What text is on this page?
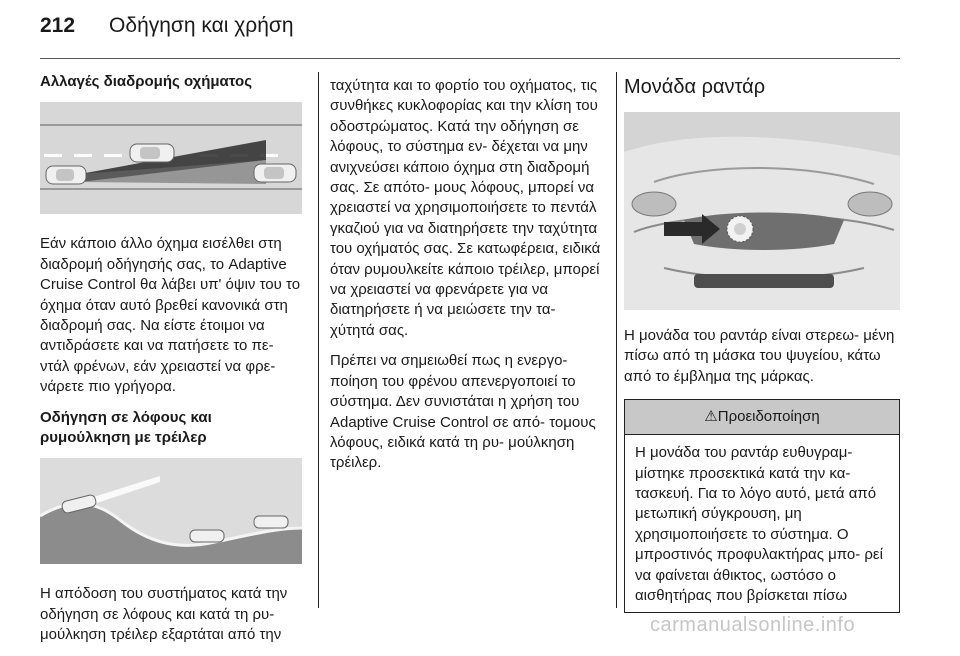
212 Οδήγηση και χρήση
Αλλαγές διαδρομής οχήματος

Εάν κάποιο άλλο όχημα εισέλθει στη διαδρομή οδήγησής σας, το Adaptive Cruise Control θα λάβει υπ' όψιν του το όχημα όταν αυτό βρεθεί κανονικά στη διαδρομή σας. Να είστε έτοιμοι να αντιδράσετε και να πατήσετε το πε‐ ντάλ φρένων, εάν χρειαστεί να φρε‐ νάρετε πιο γρήγορα.

Οδήγηση σε λόφους και ρυμούλκηση με τρέιλερ

Η απόδοση του συστήματος κατά την οδήγηση σε λόφους και κατά τη ρυ‐ μούλκηση τρέιλερ εξαρτάται από την

ταχύτητα και το φορτίο του οχήματος, τις συνθήκες κυκλοφορίας και την κλίση του οδοστρώματος. Κατά την οδήγηση σε λόφους, το σύστημα εν‐ δέχεται να μην ανιχνεύσει κάποιο όχημα στη διαδρομή σας. Σε απότο‐ μους λόφους, μπορεί να χρειαστεί να χρησιμοποιήσετε το πεντάλ γκαζιού για να διατηρήσετε την ταχύτητα του οχήματός σας. Σε κατωφέρεια, ειδικά όταν ρυμουλκείτε κάποιο τρέιλερ, μπορεί να χρειαστεί να φρενάρετε για να διατηρήσετε ή να μειώσετε την τα‐ χύτητά σας.

Πρέπει να σημειωθεί πως η ενεργο‐ ποίηση του φρένου απενεργοποιεί το σύστημα. Δεν συνιστάται η χρήση του Adaptive Cruise Control σε από‐ τομους λόφους, ειδικά κατά τη ρυ‐ μούλκηση τρέιλερ.

Μονάδα ραντάρ

Η μονάδα του ραντάρ είναι στερεω‐ μένη πίσω από τη μάσκα του ψυγείου, κάτω από το έμβλημα της μάρκας.

⚠Προειδοποίηση
Η μονάδα του ραντάρ ευθυγραμ‐ μίστηκε προσεκτικά κατά την κα‐ τασκευή. Για το λόγο αυτό, μετά από μετωπική σύγκρουση, μη χρησιμοποιήσετε το σύστημα. Ο μπροστινός προφυλακτήρας μπο‐ ρεί να φαίνεται άθικτος, ωστόσο ο αισθητήρας που βρίσκεται πίσω
carmanualsonline.info
